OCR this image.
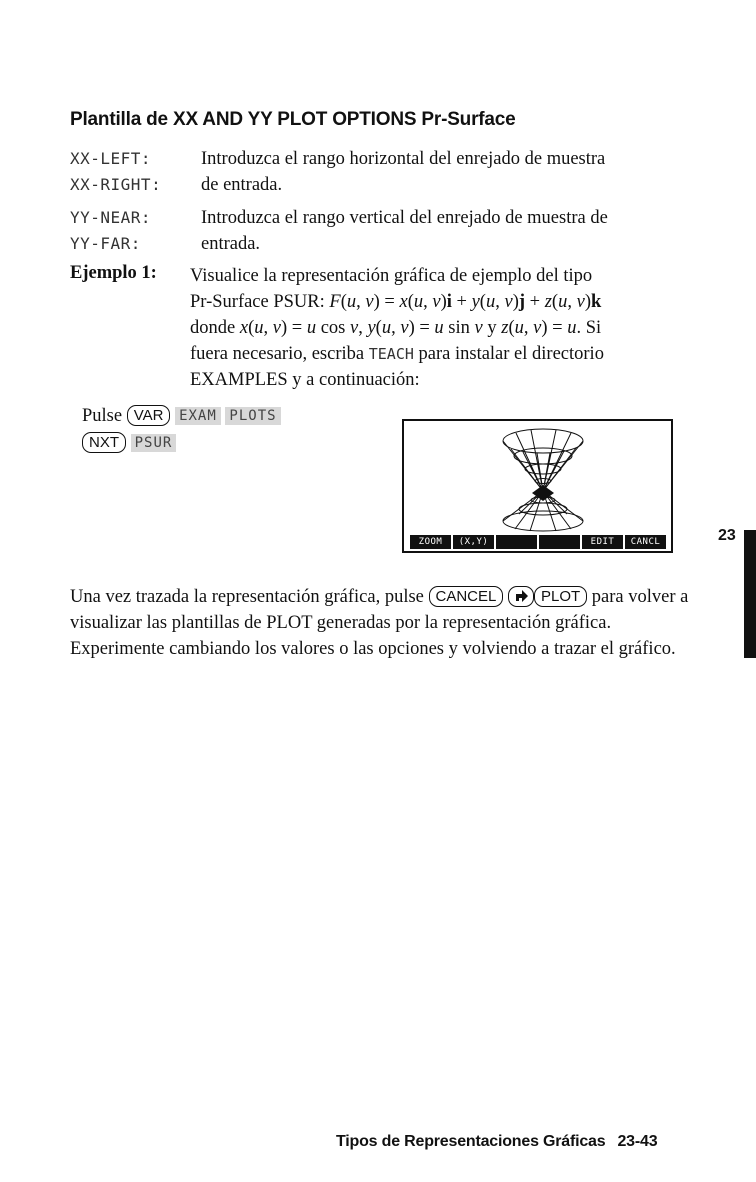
Plantilla de XX AND YY PLOT OPTIONS Pr-Surface
XX-LEFT:
XX-RIGHT:
Introduzca el rango horizontal del enrejado de muestra
de entrada.
YY-NEAR:
YY-FAR:
Introduzca el rango vertical del enrejado de muestra de
entrada.
Ejemplo 1: Visualice la representación gráfica de ejemplo del tipo
Pr-Surface PSUR: F(u, v) = x(u, v)i + y(u, v)j + z(u, v)k
donde x(u, v) = u cos v, y(u, v) = u sin v y z(u, v) = u. Si
fuera necesario, escriba TEACH para instalar el directorio
EXAMPLES y a continuación:
Pulse VAR EXAM PLOTS
NXT PSUR
ZOOM	(X,Y)	EDIT	CANCL	23
Una vez trazada la representación gráfica, pulse CANCEL	PLOT para volver a visualizar las plantillas de PLOT generadas por la representación gráfica. Experimente cambiando los valores o las opciones y volviendo a trazar el gráfico.
Tipos de Representaciones Gráficas 23-43
